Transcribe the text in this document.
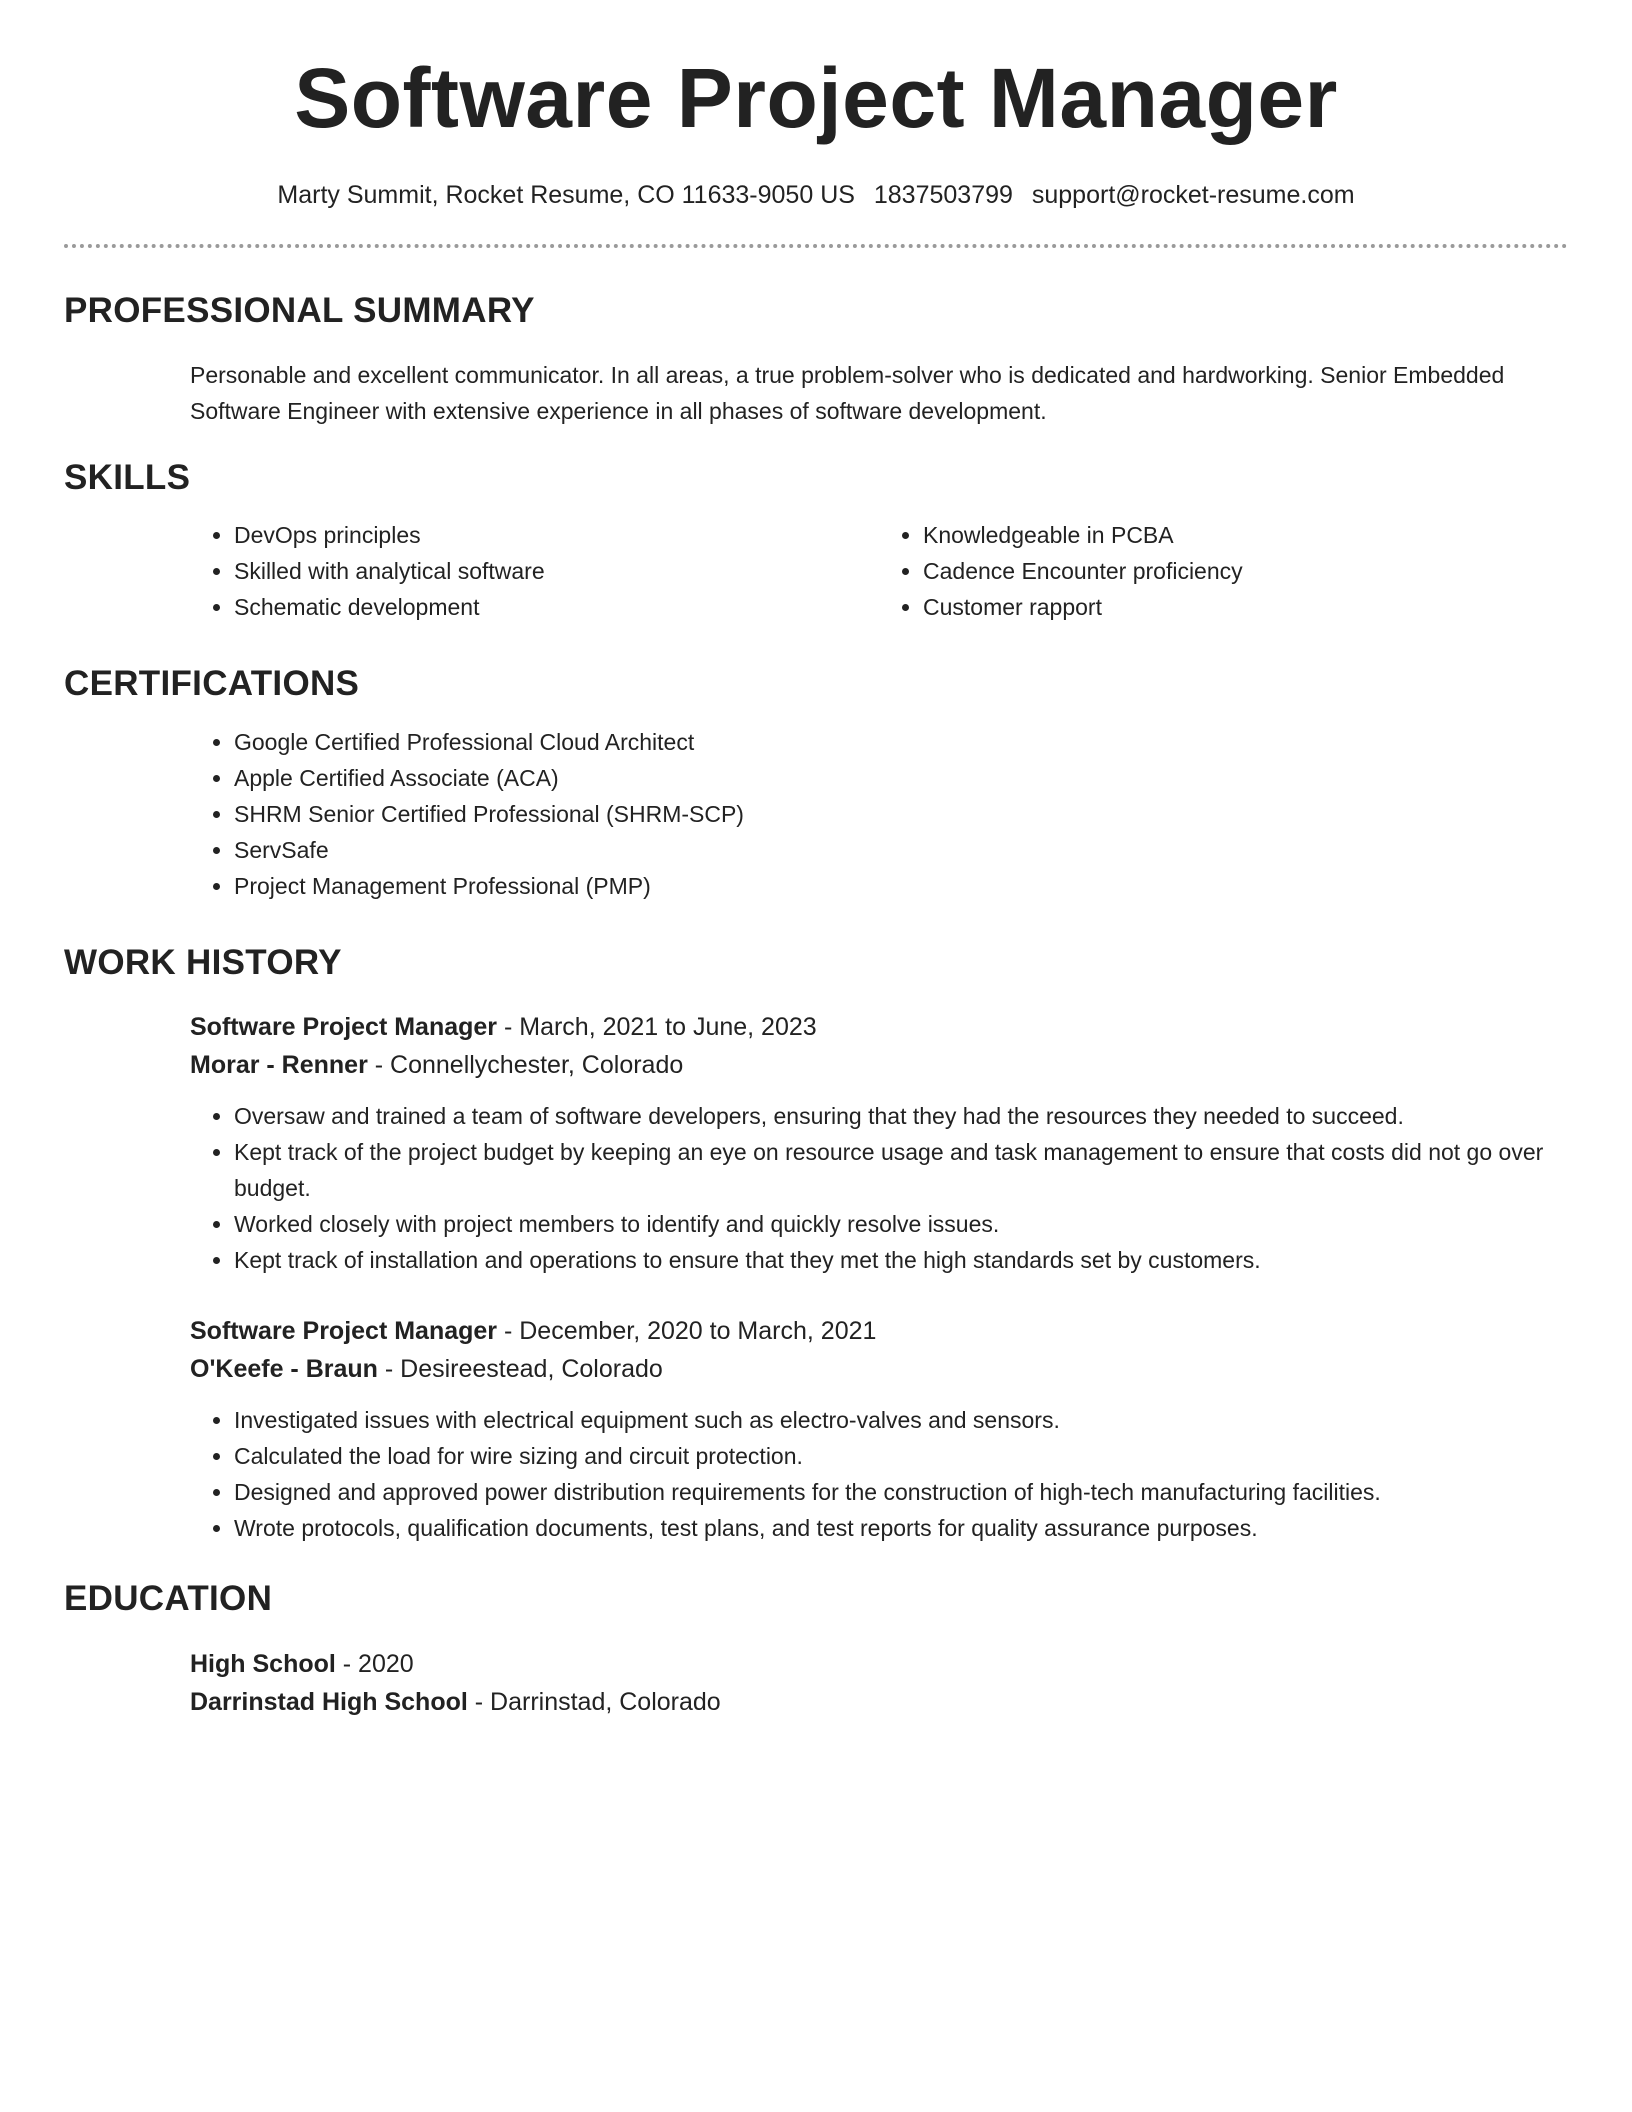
Software Project Manager
Marty Summit, Rocket Resume, CO 11633-9050 US 1837503799 support@rocket-resume.com
PROFESSIONAL SUMMARY

Personable and excellent communicator. In all areas, a true problem-solver who is dedicated and hardworking. Senior Embedded Software Engineer with extensive experience in all phases of software development.

SKILLS
• DevOps principles
• Skilled with analytical software
• Schematic development
• Knowledgeable in PCBA
• Cadence Encounter proficiency
• Customer rapport
CERTIFICATIONS
• Google Certified Professional Cloud Architect
• Apple Certified Associate (ACA)
• SHRM Senior Certified Professional (SHRM-SCP)
• ServSafe
• Project Management Professional (PMP)
WORK HISTORY

Software Project Manager - March, 2021 to June, 2023

Morar - Renner - Connellychester, Colorado

• Oversaw and trained a team of software developers, ensuring that they had the resources they needed to succeed.
• Kept track of the project budget by keeping an eye on resource usage and task management to ensure that costs did not go over budget.
• Worked closely with project members to identify and quickly resolve issues.
• Kept track of installation and operations to ensure that they met the high standards set by customers.

Software Project Manager - December, 2020 to March, 2021

O'Keefe - Braun - Desireestead, Colorado

• Investigated issues with electrical equipment such as electro-valves and sensors.
• Calculated the load for wire sizing and circuit protection.
• Designed and approved power distribution requirements for the construction of high-tech manufacturing facilities.
• Wrote protocols, qualification documents, test plans, and test reports for quality assurance purposes.
EDUCATION

High School - 2020

Darrinstad High School - Darrinstad, Colorado
